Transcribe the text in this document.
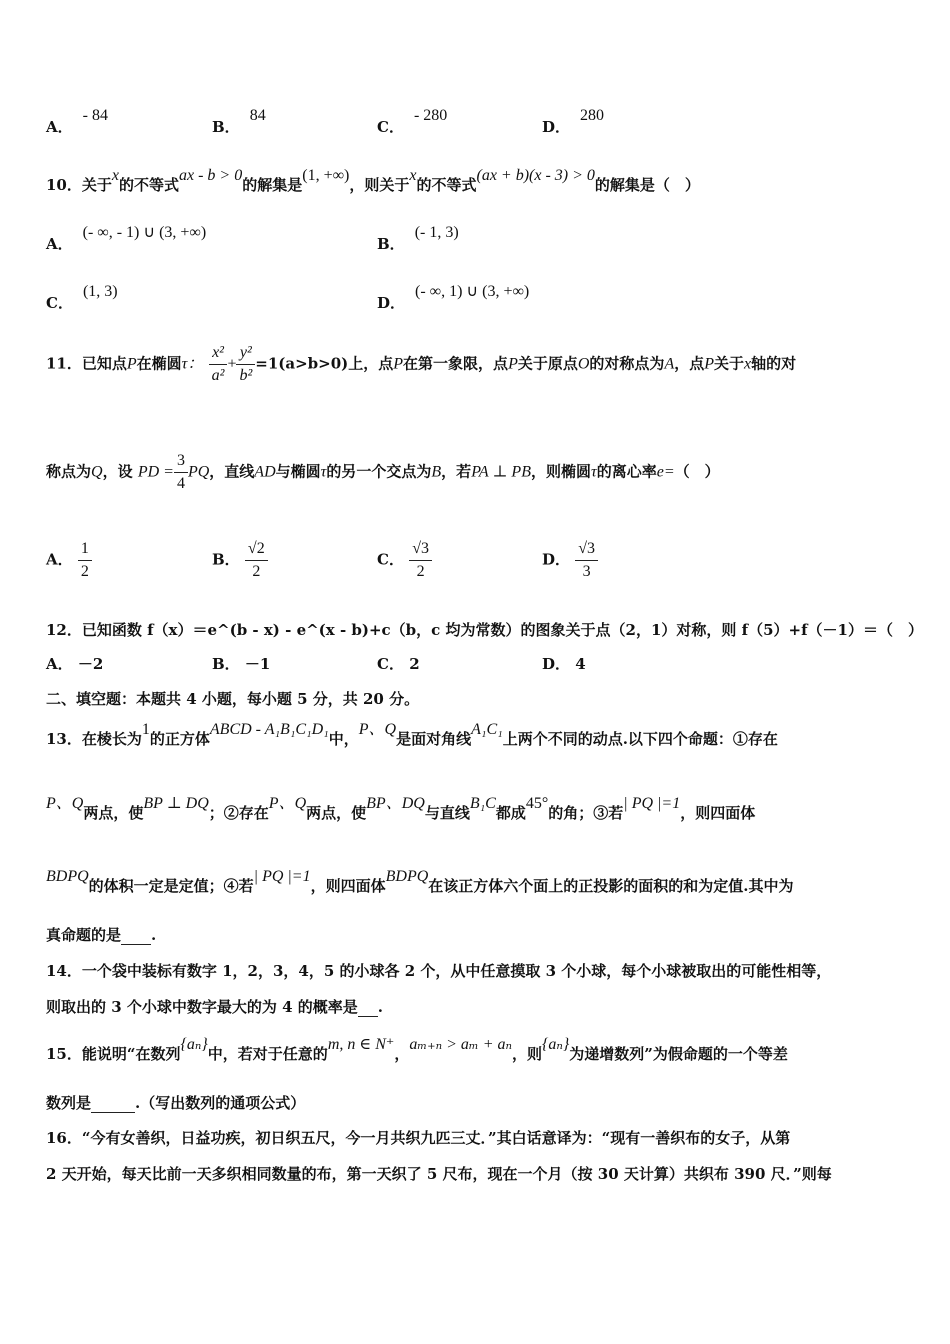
A．- 84
B．84
C．- 280
D．280
10．关于x的不等式ax - b > 0的解集是(1, +∞)，则关于x的不等式(ax + b)(x - 3) > 0的解集是（　）
A．(- ∞, - 1) ∪ (3, +∞)
B．(- 1, 3)
C．(1, 3)
D．(- ∞, 1) ∪ (3, +∞)
11．已知点P在椭圆τ： $\frac{\text{x²}}{\text{a²}} + \frac{\text{y²}}{\text{b²}} =1(a>b>0)$上，点P在第一象限，点P关于原点O的对称点为A，点P关于x轴的对
称点为Q，设 PD = $\frac{3}{4}$ PQ，直线AD与椭圆τ的另一个交点为B，若PA ⊥ PB，则椭圆τ的离心率e=（　）
A． $\frac{1}{2}$	B． $\frac{√2}{2}$	C． $\frac{√3}{2}$	D． $\frac{√3}{3}$
12．已知函数 f（x）＝e^(b - x) - e^(x - b)+c（b，c 均为常数）的图象关于点（2，1）对称，则 f（5）+f（－1）＝（　）
A． －2	B． －1	C． 2	D． 4
二、填空题：本题共 4 小题，每小题 5 分，共 20 分。
13．在棱长为1的正方体ABCD - A₁B₁C₁D₁中，P、Q是面对角线A₁C₁上两个不同的动点.以下四个命题：①存在
P、Q两点，使BP ⊥ DQ；②存在P、Q两点，使BP、DQ与直线B₁C都成45°的角；③若| PQ |=1，则四面体
BDPQ的体积一定是定值；④若| PQ |=1，则四面体BDPQ在该正方体六个面上的正投影的面积的和为定值.其中为
真命题的是 .
14．一个袋中装标有数字 1，2，3，4，5 的小球各 2 个，从中任意摸取 3 个小球，每个小球被取出的可能性相等，
则取出的 3 个小球中数字最大的为 4 的概率是 .
15．能说明“在数列{aₙ}中，若对于任意的m, n ∈ N⁺，aₘ₊ₙ > aₘ + aₙ，则{aₙ}为递增数列”为假命题的一个等差
数列是	.（写出数列的通项公式）
16．“今有女善织，日益功疾，初日织五尺，今一月共织九匹三丈．”其白话意译为：“现有一善织布的女子，从第
2 天开始，每天比前一天多织相同数量的布，第一天织了 5 尺布，现在一个月（按 30 天计算）共织布 390 尺．”则每
